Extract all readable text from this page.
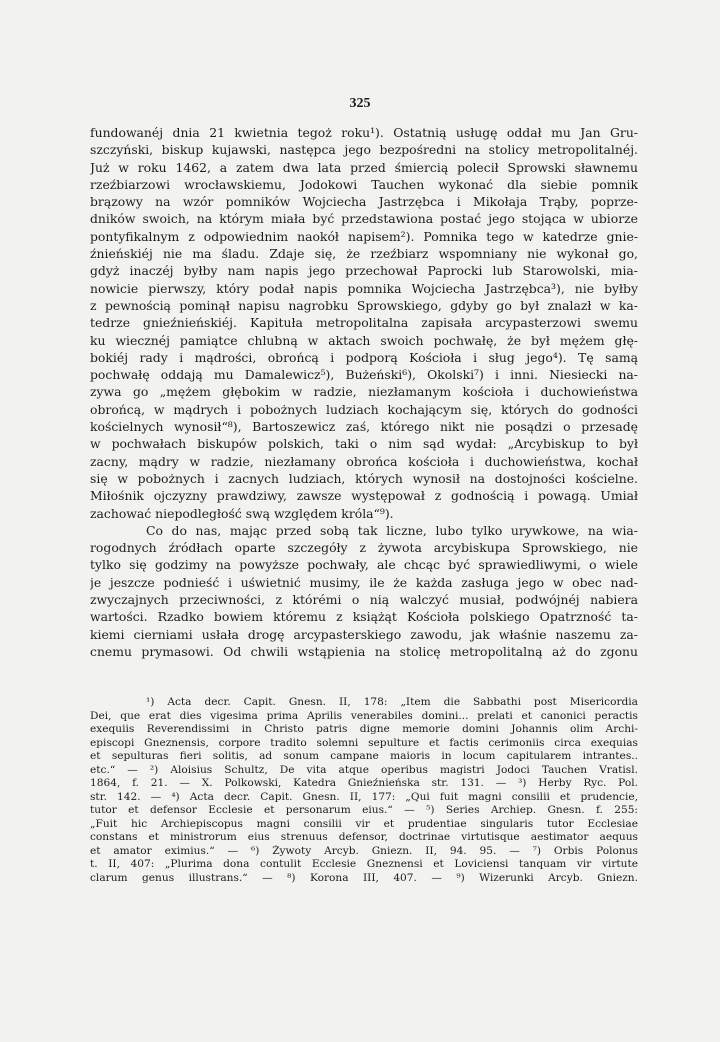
325
fundowanéj dnia 21 kwietnia tegoż roku¹). Ostatnią usługę oddał mu Jan Gru-
szczyński, biskup kujawski, następca jego bezpośredni na stolicy metropolitalnéj.
Już w roku 1462, a zatem dwa lata przed śmiercią polecił Sprowski sławnemu
rzeźbiarzowi wrocławskiemu, Jodokowi Tauchen wykonać dla siebie pomnik
brązowy na wzór pomników Wojciecha Jastrzębca i Mikołaja Trąby, poprze-
dników swoich, na którym miała być przedstawiona postać jego stojąca w ubiorze
pontyfikalnym z odpowiednim naokół napisem²). Pomnika tego w katedrze gnie-
źnieńskiéj nie ma śladu. Zdaje się, że rzeźbiarz wspomniany nie wykonał go,
gdyż inaczéj byłby nam napis jego przechował Paprocki lub Starowolski, mia-
nowicie pierwszy, który podał napis pomnika Wojciecha Jastrzębca³), nie byłby
z pewnością pominął napisu nagrobku Sprowskiego, gdyby go był znalazł w ka-
tedrze gnieźnieńskiéj. Kapituła metropolitalna zapisała arcypasterzowi swemu
ku wiecznéj pamiątce chlubną w aktach swoich pochwałę, że był mężem głę-
bokiéj rady i mądrości, obrońcą i podporą Kościoła i sług jego⁴). Tę samą
pochwałę oddają mu Damalewicz⁵), Bużeński⁶), Okolski⁷) i inni. Niesiecki na-
zywa go „mężem głębokim w radzie, niezłamanym kościoła i duchowieństwa
obrońcą, w mądrych i pobożnych ludziach kochającym się, których do godności
kościelnych wynosił“⁸), Bartoszewicz zaś, którego nikt nie posądzi o przesadę
w pochwałach biskupów polskich, taki o nim sąd wydał: „Arcybiskup to był
zacny, mądry w radzie, niezłamany obrońca kościoła i duchowieństwa, kochał
się w pobożnych i zacnych ludziach, których wynosił na dostojności kościelne.
Miłośnik ojczyzny prawdziwy, zawsze występował z godnością i powagą. Umiał
zachować niepodległość swą względem króla“⁹).
Co do nas, mając przed sobą tak liczne, lubo tylko urywkowe, na wia-
rogodnych źródłach oparte szczegóły z żywota arcybiskupa Sprowskiego, nie
tylko się godzimy na powyższe pochwały, ale chcąc być sprawiedliwymi, o wiele
je jeszcze podnieść i uświetnić musimy, ile że każda zasługa jego w obec nad-
zwyczajnych przeciwności, z którémi o nią walczyć musiał, podwójnéj nabiera
wartości. Rzadko bowiem któremu z książąt Kościoła polskiego Opatrzność ta-
kiemi cierniami usłała drogę arcypasterskiego zawodu, jak właśnie naszemu za-
cnemu prymasowi. Od chwili wstąpienia na stolicę metropolitalną aż do zgonu
¹) Acta decr. Capit. Gnesn. II, 178: „Item die Sabbathi post Misericordia
Dei, que erat dies vigesima prima Aprilis venerabiles domini... prelati et canonici peractis
exequiis Reverendissimi in Christo patris digne memorie domini Johannis olim Archi-
episcopi Gneznensis, corpore tradito solemni sepulture et factis cerimoniis circa exequias
et sepulturas fieri solitis, ad sonum campane maioris in locum capitularem intrantes..
etc.“ — ²) Aloisius Schultz, De vita atque operibus magistri Jodoci Tauchen Vratisl.
1864, f. 21. — X. Polkowski, Katedra Gnieźnieńska str. 131. — ³) Herby Ryc. Pol.
str. 142. — ⁴) Acta decr. Capit. Gnesn. II, 177: „Qui fuit magni consilii et prudencie,
tutor et defensor Ecclesie et personarum eius.“ — ⁵) Series Archiep. Gnesn. f. 255:
„Fuit hic Archiepiscopus magni consilii vir et prudentiae singularis tutor Ecclesiae
constans et ministrorum eius strenuus defensor, doctrinae virtutisque aestimator aequus
et amator eximius.“ — ⁶) Żywoty Arcyb. Gniezn. II, 94. 95. — ⁷) Orbis Polonus
t. II, 407: „Plurima dona contulit Ecclesie Gneznensi et Loviciensi tanquam vir virtute
clarum genus illustrans.“ — ⁸) Korona III, 407. — ⁹) Wizerunki Arcyb. Gniezn.
